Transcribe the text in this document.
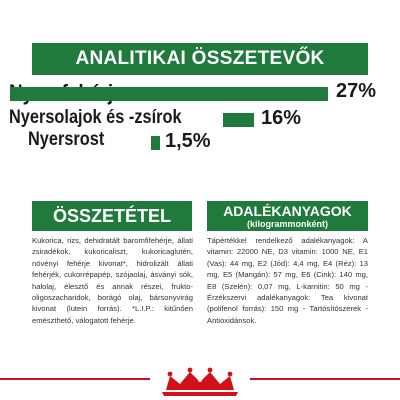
ANALITIKAI ÖSSZETEVŐK
27%
Nyersolajok és -zsírok	16%
Nyersrost	1,5%
ÖSSZETÉTEL
Kukorica, rizs, dehidratált baromfifehérje, állati zsiradékok, kukoricaliszt, kukoricaglutén, növényi fehérje kivonat*, hidrolizált állati fehérjék, cukorrépapép, szójaolaj, ásványi sók, halolaj, élesztő és annak részei, frukto-oligoszacharidok, borágó olaj, bársonyvirág kivonat (lutein forrás). *L.I.P.: kitűnően emészthető, válogatott fehérje.
ADALÉKANYAGOK
(kilogrammonként)
Tápértékkel rendelkező adalékanyagok: A vitamin: 22000 NE, D3 vitamin: 1000 NE, E1 (Vas): 44 mg, E2 (Jód): 4,4 mg, E4 (Réz): 13 mg, E5 (Mangán): 57 mg, E6 (Cink): 140 mg, E8 (Szelén): 0,07 mg, L-karnitin: 50 mg - Érzékszervi adalékanyagok: Tea kivonat (polifenol forrás): 150 mg - Tartósítószerek - Antioxidánsok.
